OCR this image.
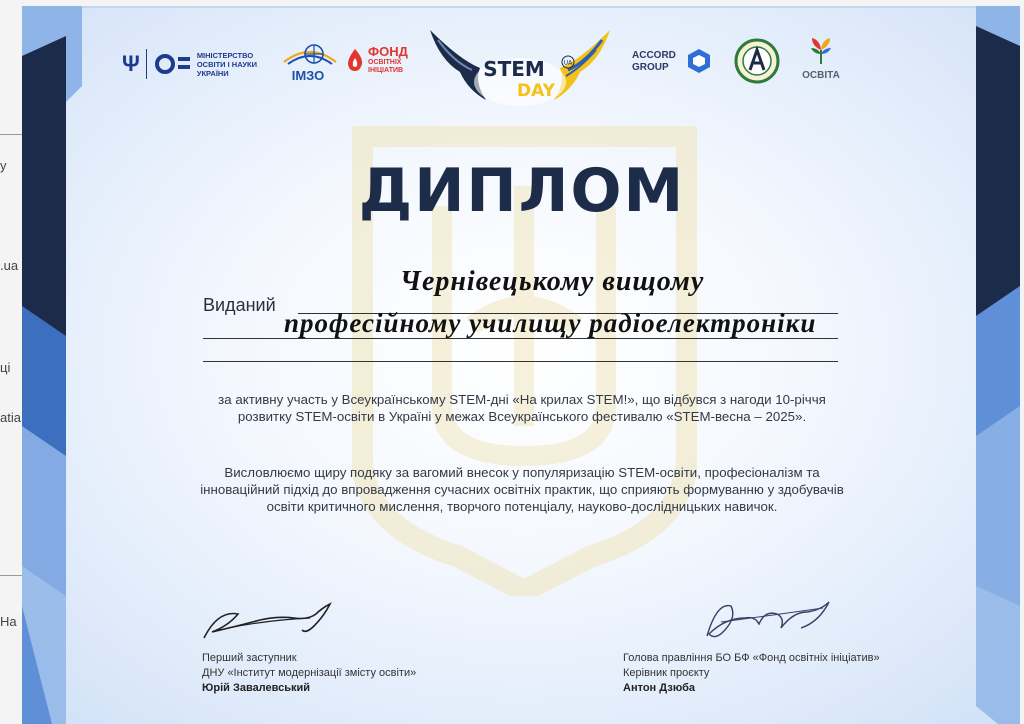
y
.ua
ці
atia
На
Ψ	МІНІСТЕРСТВО ОСВІТИ І НАУКИ УКРАЇНИ	ІМЗО
ФОНД
ОСВІТНІХ ІНІЦІАТИВ	STEM
DAY
UA
ACCORD GROUP
ОСВІТА
ДИПЛОМ
Виданий
Чернівецькому вищому
професійному училищу радіоелектроніки

за активну участь у Всеукраїнському STEM-дні «На крилах STEM!», що відбувся з нагоди 10-річчя розвитку STEM-освіти в Україні у межах Всеукраїнського фестивалю «STEM-весна – 2025».

Висловлюємо щиру подяку за вагомий внесок у популяризацію STEM-освіти, професіоналізм та інноваційний підхід до впровадження сучасних освітніх практик, що сприяють формуванню у здобувачів освіти критичного мислення, творчого потенціалу, науково-дослідницьких навичок.

Перший заступник
ДНУ «Інститут модернізації змісту освіти»
Юрій Завалевський
Голова правління БО БФ «Фонд освітніх ініціатив»
Керівник проєкту
Антон Дзюба
